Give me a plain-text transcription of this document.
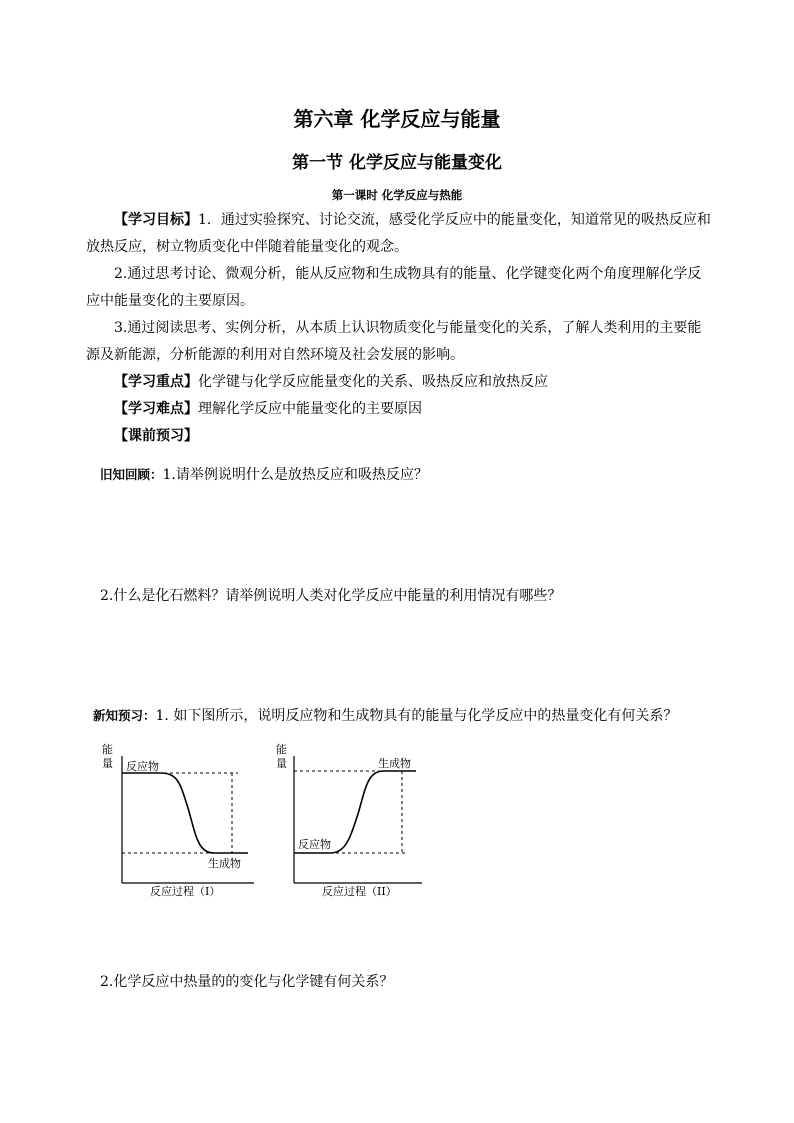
第六章 化学反应与能量
第一节 化学反应与能量变化
第一课时 化学反应与热能

【学习目标】1．通过实验探究、讨论交流，感受化学反应中的能量变化，知道常见的吸热反应和放热反应，树立物质变化中伴随着能量变化的观念。

2.通过思考讨论、微观分析，能从反应物和生成物具有的能量、化学键变化两个角度理解化学反应中能量变化的主要原因。

3.通过阅读思考、实例分析，从本质上认识物质变化与能量变化的关系，了解人类利用的主要能源及新能源，分析能源的利用对自然环境及社会发展的影响。

【学习重点】化学键与化学反应能量变化的关系、吸热反应和放热反应

【学习难点】理解化学反应中能量变化的主要原因

【课前预习】

旧知回顾：1.请举例说明什么是放热反应和吸热反应？
2.什么是化石燃料？请举例说明人类对化学反应中能量的利用情况有哪些？
新知预习：1. 如下图所示，说明反应物和生成物具有的能量与化学反应中的热量变化有何关系？
能
量 反应物
生成物
反应过程（I）
能
量	生成物
反应物
反应过程（II）
2.化学反应中热量的的变化与化学键有何关系？
